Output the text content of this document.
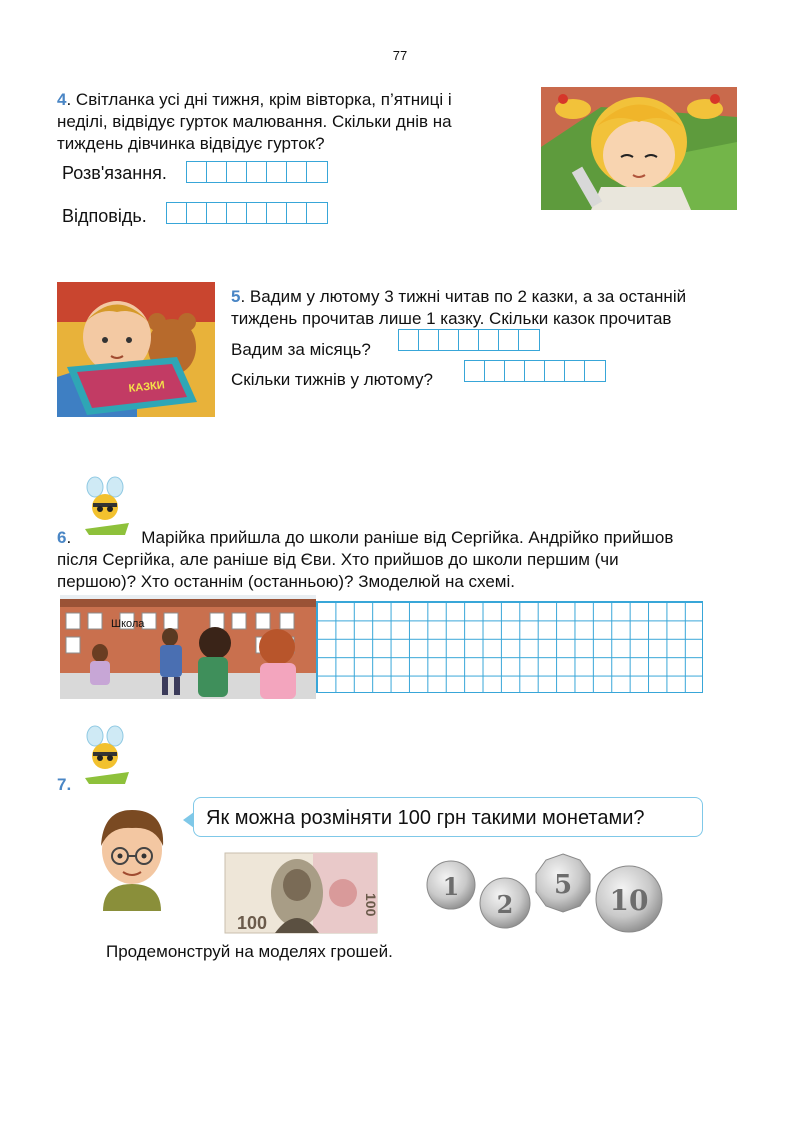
77
4. Світланка усі дні тижня, крім вівторка, п’ятниці і
неділі, відвідує гурток малювання. Скільки днів на
тиждень дівчинка відвідує гурток?
Розв'язання.
Відповідь.
КАЗКИ
5. Вадим у лютому 3 тижні читав по 2 казки, а за останній
тиждень прочитав лише 1 казку. Скільки казок прочитав
Вадим за місяць?
Скільки тижнів у лютому?
6.	Марійка прийшла до школи раніше від Сергійка. Андрійко прийшов
після Сергійка, але раніше від Єви. Хто прийшов до школи першим (чи
першою)? Хто останнім (останньою)? Змоделюй на схемі.
Школа
7.
Як можна розміняти 100 грн такими монетами?
100
100
1
2
5 10
Продемонструй на моделях грошей.
